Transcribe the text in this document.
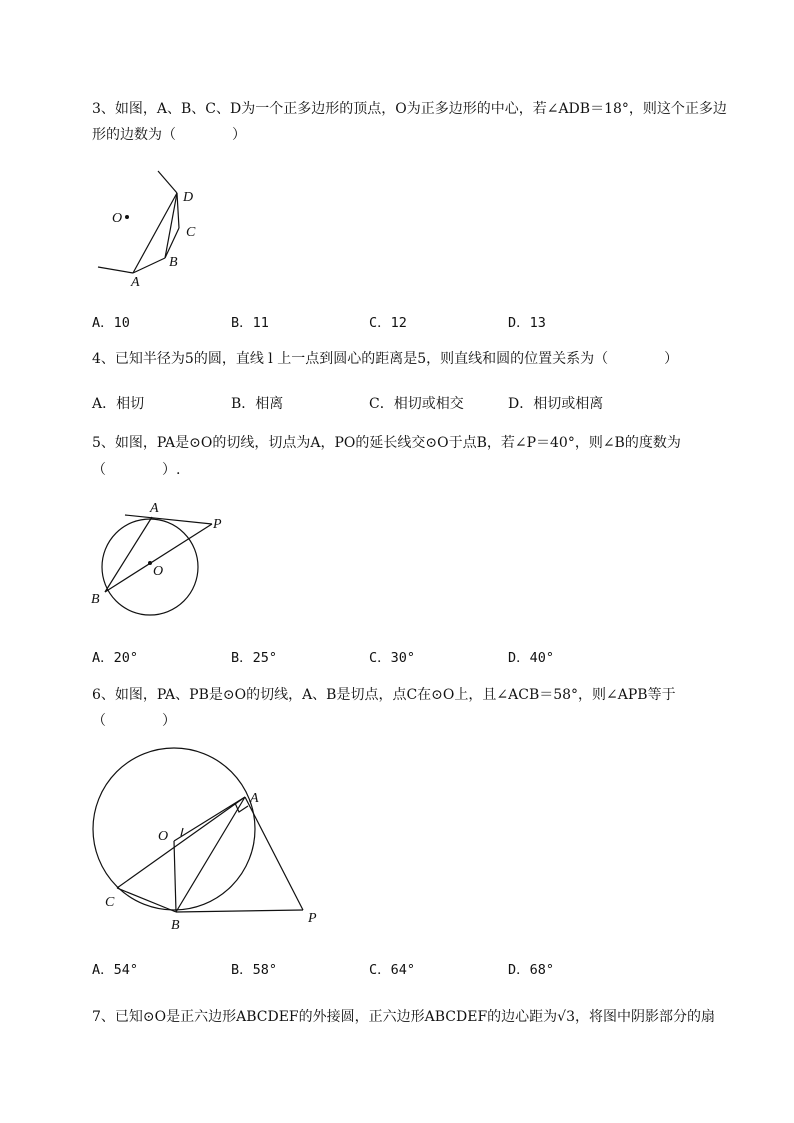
3、如图，A、B、C、D为一个正多边形的顶点，O为正多边形的中心，若∠ADB＝18°，则这个正多边
形的边数为（　　　　）
O
D
C
B
A
A．10	B．11	C．12	D．13
4、已知半径为5的圆，直线 l 上一点到圆心的距离是5，则直线和圆的位置关系为（　　　　）
A．相切	B．相离	C．相切或相交	D．相切或相离
5、如图，PA是⊙O的切线，切点为A，PO的延长线交⊙O于点B，若∠P＝40°，则∠B的度数为
（　　　　）.
A
P
O
B
A．20°	B．25°	C．30°	D．40°
6、如图，PA、PB是⊙O的切线，A、B是切点，点C在⊙O上，且∠ACB＝58°，则∠APB等于
（　　　　）
A
O
C
B	P
A．54°	B．58°	C．64°	D．68°
7、已知⊙O是正六边形ABCDEF的外接圆，正六边形ABCDEF的边心距为√3，将图中阴影部分的扇
